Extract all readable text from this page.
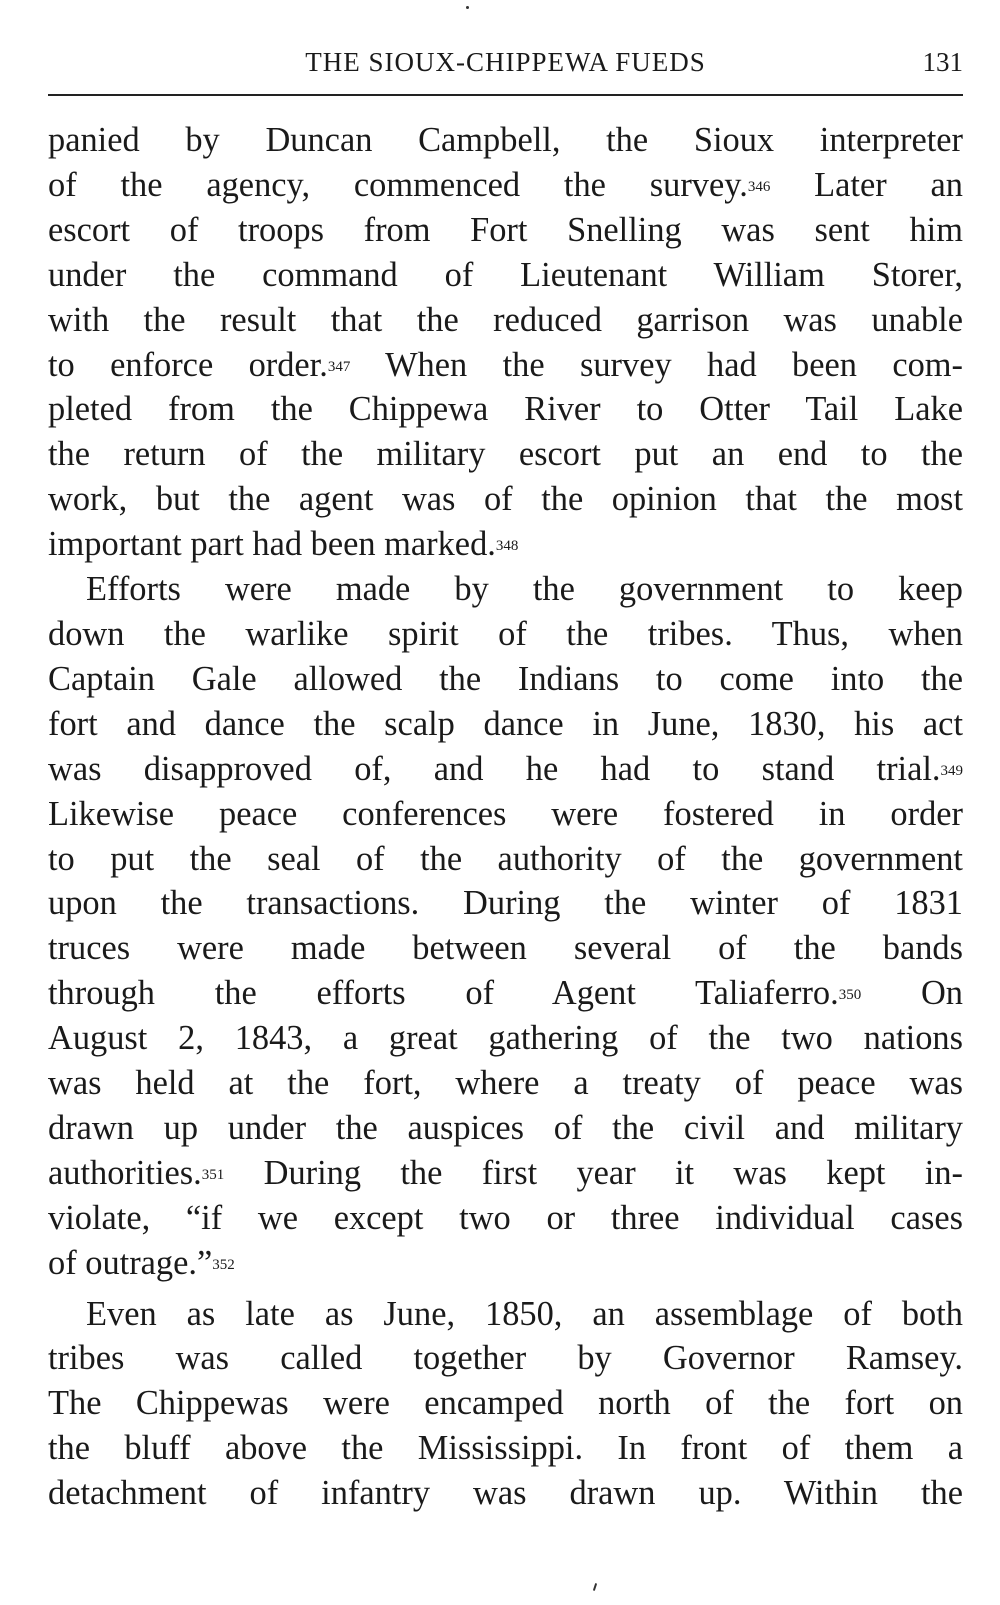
THE SIOUX-CHIPPEWA FUEDS	131
panied by Duncan Campbell, the Sioux interpreter
of the agency, commenced the survey.$^{346}$ Later an
escort of troops from Fort Snelling was sent him
under the command of Lieutenant William Storer,
with the result that the reduced garrison was unable
to enforce order.$^{347}$ When the survey had been com-
pleted from the Chippewa River to Otter Tail Lake
the return of the military escort put an end to the
work, but the agent was of the opinion that the most
important part had been marked.$^{348}$
Efforts were made by the government to keep
down the warlike spirit of the tribes. Thus, when
Captain Gale allowed the Indians to come into the
fort and dance the scalp dance in June, 1830, his act
was disapproved of, and he had to stand trial.$^{349}$
Likewise peace conferences were fostered in order
to put the seal of the authority of the government
upon the transactions. During the winter of 1831
truces were made between several of the bands
through the efforts of Agent Taliaferro.$^{350}$ On
August 2, 1843, a great gathering of the two nations
was held at the fort, where a treaty of peace was
drawn up under the auspices of the civil and military
authorities.$^{351}$ During the first year it was kept in-
violate, “if we except two or three individual cases
of outrage.”$^{352}$
Even as late as June, 1850, an assemblage of both
tribes was called together by Governor Ramsey.
The Chippewas were encamped north of the fort on
the bluff above the Mississippi. In front of them a
detachment of infantry was drawn up. Within the
